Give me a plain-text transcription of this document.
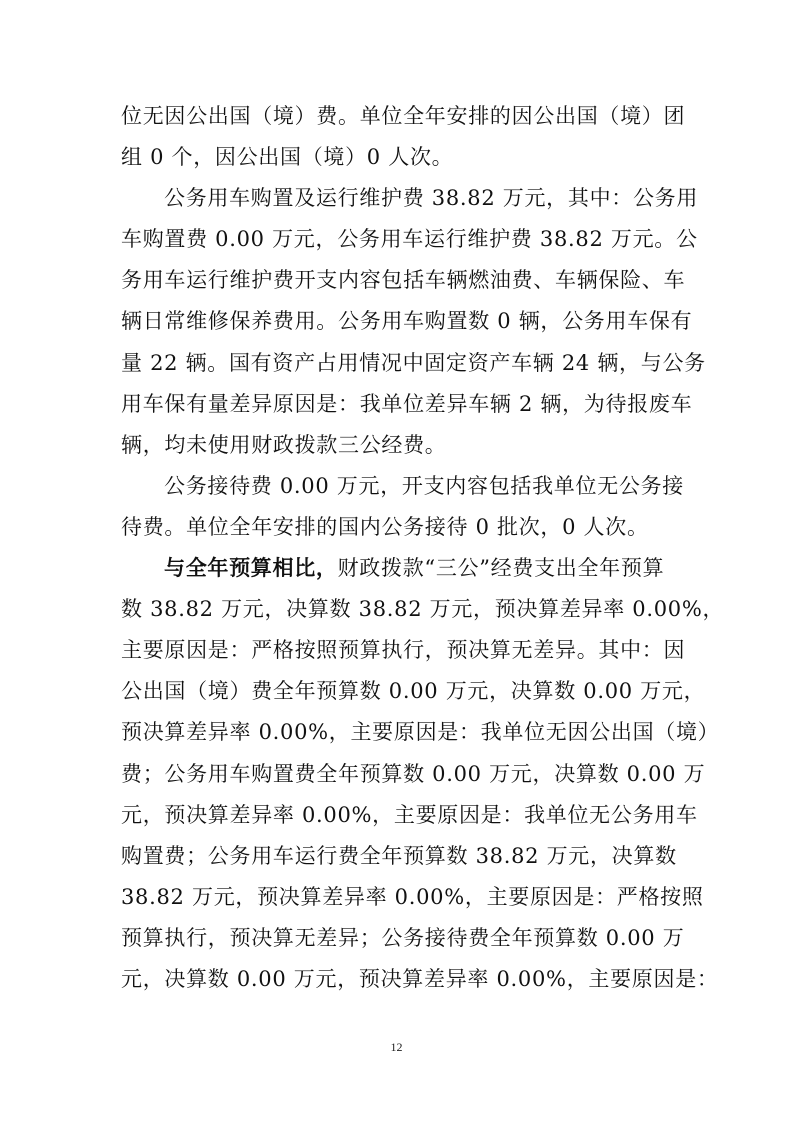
位无因公出国（境）费。单位全年安排的因公出国（境）团
组 0 个，因公出国（境）0 人次。
公务用车购置及运行维护费 38.82 万元，其中：公务用
车购置费 0.00 万元，公务用车运行维护费 38.82 万元。公
务用车运行维护费开支内容包括车辆燃油费、车辆保险、车
辆日常维修保养费用。公务用车购置数 0 辆，公务用车保有
量 22 辆。国有资产占用情况中固定资产车辆 24 辆，与公务
用车保有量差异原因是：我单位差异车辆 2 辆，为待报废车
辆，均未使用财政拨款三公经费。
公务接待费 0.00 万元，开支内容包括我单位无公务接
待费。单位全年安排的国内公务接待 0 批次，0 人次。
与全年预算相比，财政拨款“三公”经费支出全年预算
数 38.82 万元，决算数 38.82 万元，预决算差异率 0.00%，
主要原因是：严格按照预算执行，预决算无差异。其中：因
公出国（境）费全年预算数 0.00 万元，决算数 0.00 万元，
预决算差异率 0.00%，主要原因是：我单位无因公出国（境）
费；公务用车购置费全年预算数 0.00 万元，决算数 0.00 万
元，预决算差异率 0.00%，主要原因是：我单位无公务用车
购置费；公务用车运行费全年预算数 38.82 万元，决算数
38.82 万元，预决算差异率 0.00%，主要原因是：严格按照
预算执行，预决算无差异；公务接待费全年预算数 0.00 万
元，决算数 0.00 万元，预决算差异率 0.00%，主要原因是：
12
